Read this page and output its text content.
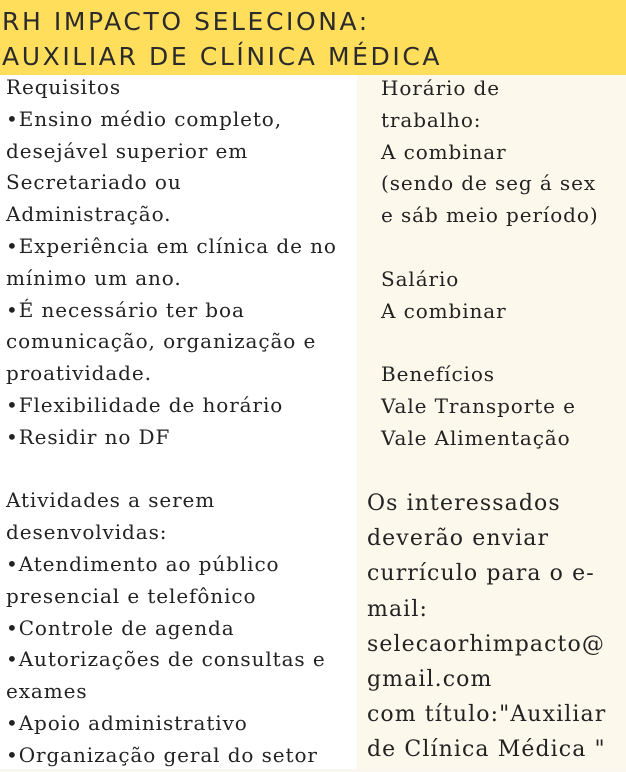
RH IMPACTO SELECIONA:
AUXILIAR DE CLÍNICA MÉDICA
Requisitos
•Ensino médio completo,
desejável superior em
Secretariado ou
Administração.
•Experiência em clínica de no
mínimo um ano.
•É necessário ter boa
comunicação, organização e
proatividade.
•Flexibilidade de horário
•Residir no DF
Atividades a serem
desenvolvidas:
•Atendimento ao público
presencial e telefônico
•Controle de agenda
•Autorizações de consultas e
exames
•Apoio administrativo
•Organização geral do setor
Horário de
trabalho:
A combinar
(sendo de seg á sex
e sáb meio período)
Salário
A combinar
Benefícios
Vale Transporte e
Vale Alimentação
Os interessados
deverão enviar
currículo para o e-
mail:
selecaorhimpacto@
gmail.com
com título:"Auxiliar
de Clínica Médica "
